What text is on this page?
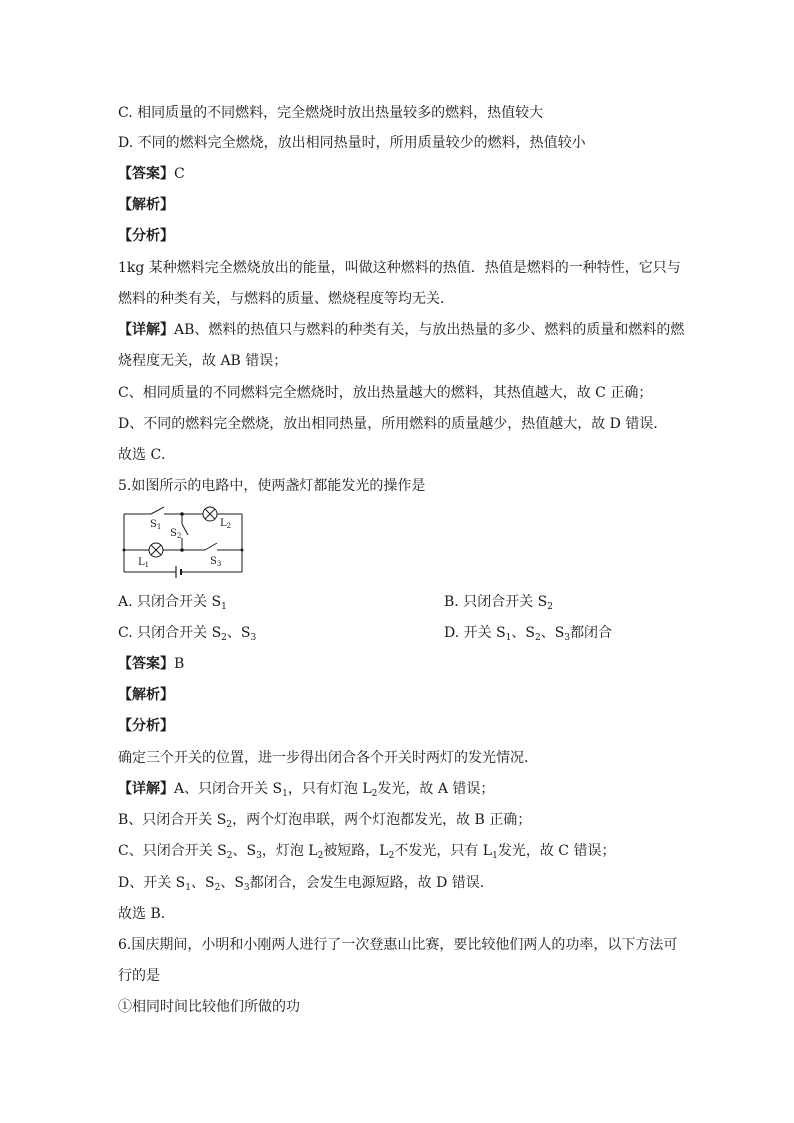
C. 相同质量的不同燃料，完全燃烧时放出热量较多的燃料，热值较大
D. 不同的燃料完全燃烧，放出相同热量时，所用质量较少的燃料，热值较小
【答案】C
【解析】
【分析】
1kg 某种燃料完全燃烧放出的能量，叫做这种燃料的热值．热值是燃料的一种特性，它只与
燃料的种类有关，与燃料的质量、燃烧程度等均无关．
【详解】AB、燃料的热值只与燃料的种类有关，与放出热量的多少、燃料的质量和燃料的燃
烧程度无关，故 AB 错误；
C、相同质量的不同燃料完全燃烧时，放出热量越大的燃料，其热值越大，故 C 正确；
D、不同的燃料完全燃烧，放出相同热量，所用燃料的质量越少，热值越大，故 D 错误．
故选 C．
5.如图所示的电路中，使两盏灯都能发光的操作是
$S_1$
$S_2$
$L_2$
$L_1$	$S_3$
A. 只闭合开关 $S_1$	B. 只闭合开关 $S_2$
C. 只闭合开关 $S_2$、$S_3$	D. 开关 $S_1$、$S_2$、$S_3$都闭合
【答案】B
【解析】
【分析】
确定三个开关的位置，进一步得出闭合各个开关时两灯的发光情况．
【详解】A、只闭合开关 $S_1$，只有灯泡 $L_2$发光，故 A 错误；
B、只闭合开关 $S_2$，两个灯泡串联，两个灯泡都发光，故 B 正确；
C、只闭合开关 $S_2$、$S_3$，灯泡 $L_2$被短路，$L_2$不发光，只有 $L_1$发光，故 C 错误；
D、开关 $S_1$、$S_2$、$S_3$都闭合，会发生电源短路，故 D 错误．
故选 B．
6.国庆期间，小明和小刚两人进行了一次登惠山比赛，要比较他们两人的功率，以下方法可
行的是
①相同时间比较他们所做的功
